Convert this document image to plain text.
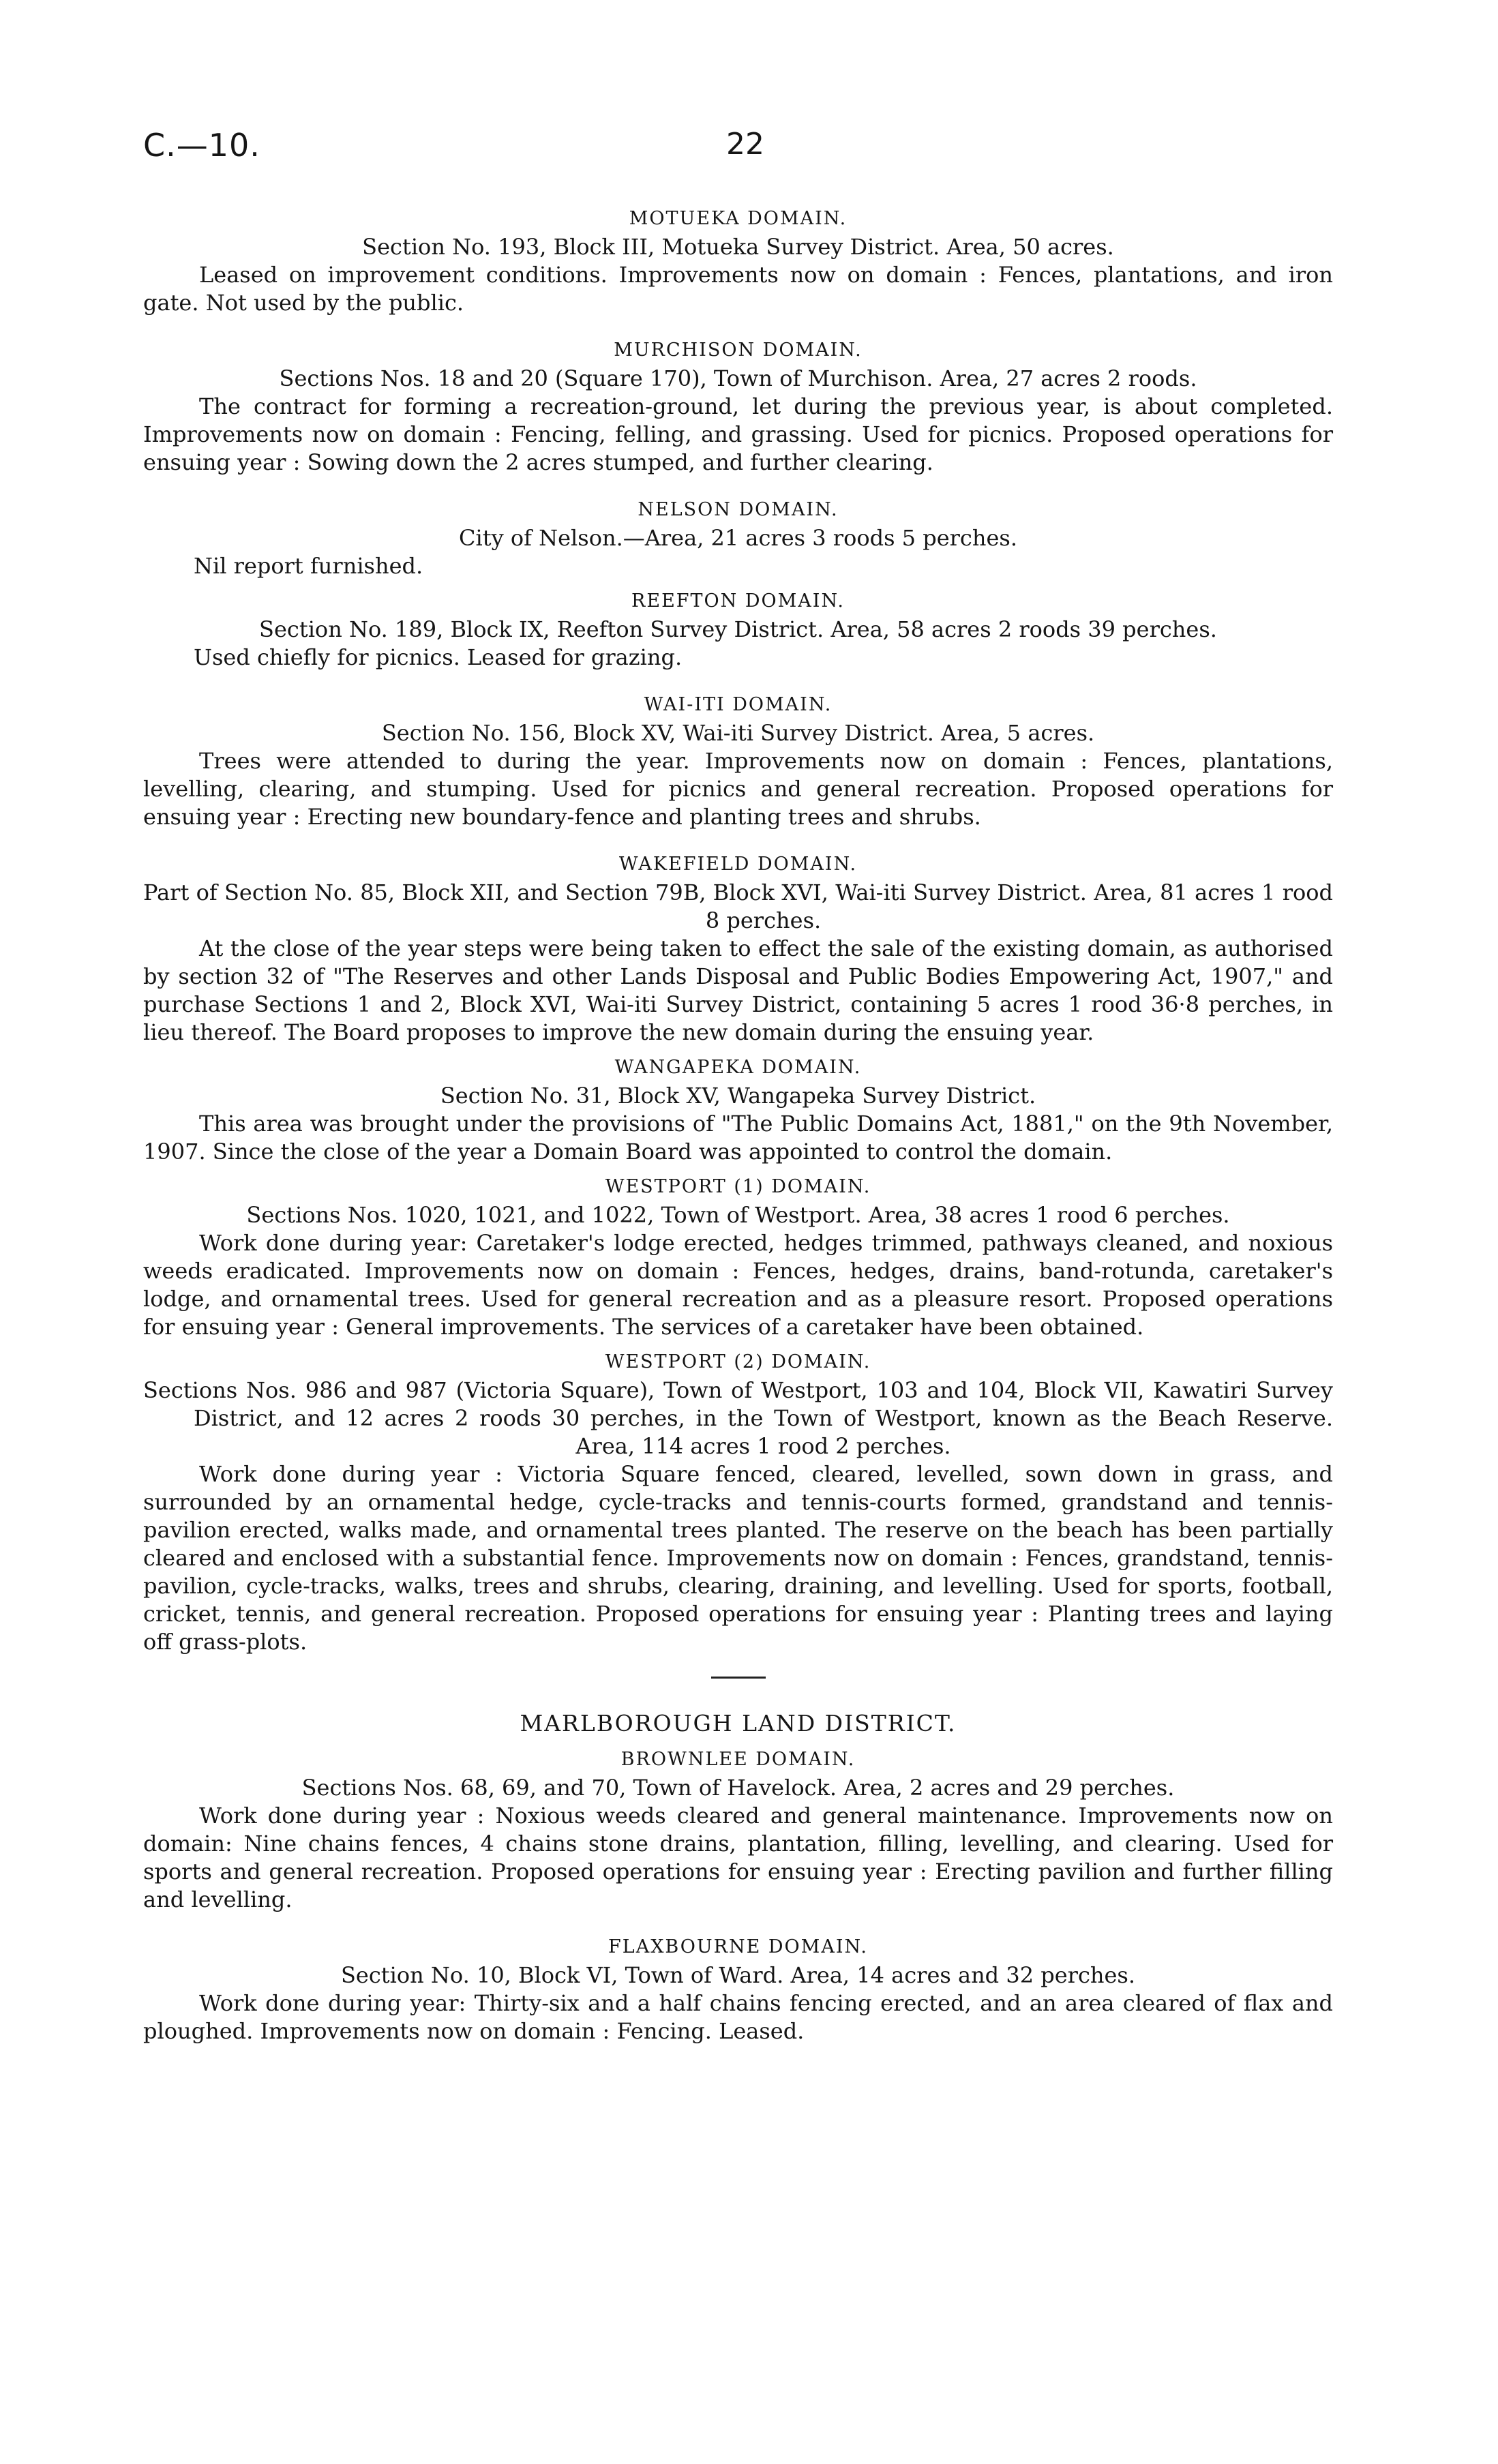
C.—10.	22
MOTUEKA DOMAIN.

Section No. 193, Block III, Motueka Survey District. Area, 50 acres.

Leased on improvement conditions. Improvements now on domain : Fences, plantations, and iron gate. Not used by the public.

MURCHISON DOMAIN.

Sections Nos. 18 and 20 (Square 170), Town of Murchison. Area, 27 acres 2 roods.

The contract for forming a recreation-ground, let during the previous year, is about completed. Improvements now on domain : Fencing, felling, and grassing. Used for picnics. Proposed operations for ensuing year : Sowing down the 2 acres stumped, and further clearing.

NELSON DOMAIN.

City of Nelson.—Area, 21 acres 3 roods 5 perches.

Nil report furnished.

REEFTON DOMAIN.

Section No. 189, Block IX, Reefton Survey District. Area, 58 acres 2 roods 39 perches.

Used chiefly for picnics. Leased for grazing.

WAI-ITI DOMAIN.

Section No. 156, Block XV, Wai-iti Survey District. Area, 5 acres.

Trees were attended to during the year. Improvements now on domain : Fences, plantations, levelling, clearing, and stumping. Used for picnics and general recreation. Proposed operations for ensuing year : Erecting new boundary-fence and planting trees and shrubs.

WAKEFIELD DOMAIN.

Part of Section No. 85, Block XII, and Section 79B, Block XVI, Wai-iti Survey District. Area, 81 acres 1 rood 8 perches.

At the close of the year steps were being taken to effect the sale of the existing domain, as authorised by section 32 of "The Reserves and other Lands Disposal and Public Bodies Empowering Act, 1907," and purchase Sections 1 and 2, Block XVI, Wai-iti Survey District, containing 5 acres 1 rood 36·8 perches, in lieu thereof. The Board proposes to improve the new domain during the ensuing year.

WANGAPEKA DOMAIN.

Section No. 31, Block XV, Wangapeka Survey District.

This area was brought under the provisions of "The Public Domains Act, 1881," on the 9th November, 1907. Since the close of the year a Domain Board was appointed to control the domain.

WESTPORT (1) DOMAIN.

Sections Nos. 1020, 1021, and 1022, Town of Westport. Area, 38 acres 1 rood 6 perches.

Work done during year: Caretaker's lodge erected, hedges trimmed, pathways cleaned, and noxious weeds eradicated. Improvements now on domain : Fences, hedges, drains, band-rotunda, caretaker's lodge, and ornamental trees. Used for general recreation and as a pleasure resort. Proposed operations for ensuing year : General improvements. The services of a caretaker have been obtained.

WESTPORT (2) DOMAIN.

Sections Nos. 986 and 987 (Victoria Square), Town of Westport, 103 and 104, Block VII, Kawatiri Survey District, and 12 acres 2 roods 30 perches, in the Town of Westport, known as the Beach Reserve. Area, 114 acres 1 rood 2 perches.

Work done during year : Victoria Square fenced, cleared, levelled, sown down in grass, and surrounded by an ornamental hedge, cycle-tracks and tennis-courts formed, grandstand and tennis-pavilion erected, walks made, and ornamental trees planted. The reserve on the beach has been partially cleared and enclosed with a substantial fence. Improvements now on domain : Fences, grandstand, tennis-pavilion, cycle-tracks, walks, trees and shrubs, clearing, draining, and levelling. Used for sports, football, cricket, tennis, and general recreation. Proposed operations for ensuing year : Planting trees and laying off grass-plots.

MARLBOROUGH LAND DISTRICT.
BROWNLEE DOMAIN.

Sections Nos. 68, 69, and 70, Town of Havelock. Area, 2 acres and 29 perches.

Work done during year : Noxious weeds cleared and general maintenance. Improvements now on domain: Nine chains fences, 4 chains stone drains, plantation, filling, levelling, and clearing. Used for sports and general recreation. Proposed operations for ensuing year : Erecting pavilion and further filling and levelling.

FLAXBOURNE DOMAIN.

Section No. 10, Block VI, Town of Ward. Area, 14 acres and 32 perches.

Work done during year: Thirty-six and a half chains fencing erected, and an area cleared of flax and ploughed. Improvements now on domain : Fencing. Leased.
